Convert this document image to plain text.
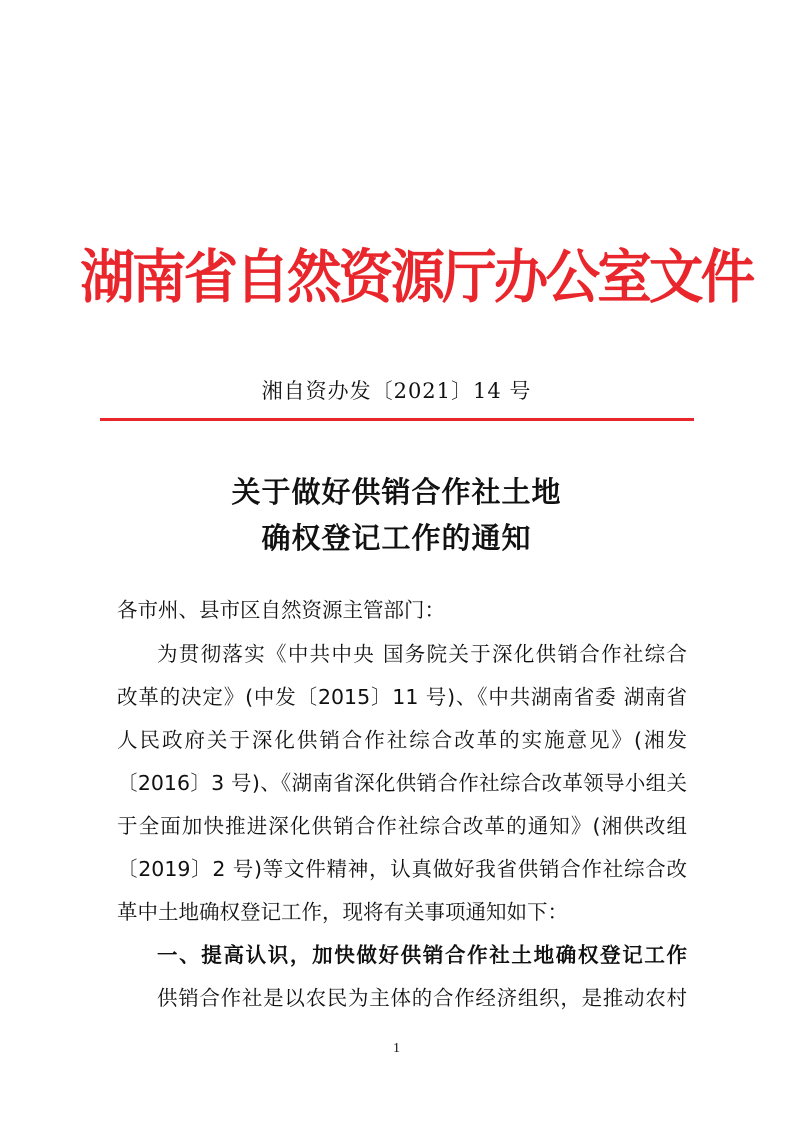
湖南省自然资源厅办公室文件
湘自资办发〔2021〕14 号
关于做好供销合作社土地
确权登记工作的通知
各市州、县市区自然资源主管部门：
为贯彻落实《中共中央 国务院关于深化供销合作社综合
改革的决定》(中发〔2015〕11 号)、《中共湖南省委 湖南省
人民政府关于深化供销合作社综合改革的实施意见》(湘发
〔2016〕3 号)、《湖南省深化供销合作社综合改革领导小组关
于全面加快推进深化供销合作社综合改革的通知》(湘供改组
〔2019〕2 号)等文件精神，认真做好我省供销合作社综合改
革中土地确权登记工作，现将有关事项通知如下：
一、提高认识，加快做好供销合作社土地确权登记工作
供销合作社是以农民为主体的合作经济组织，是推动农村
1
